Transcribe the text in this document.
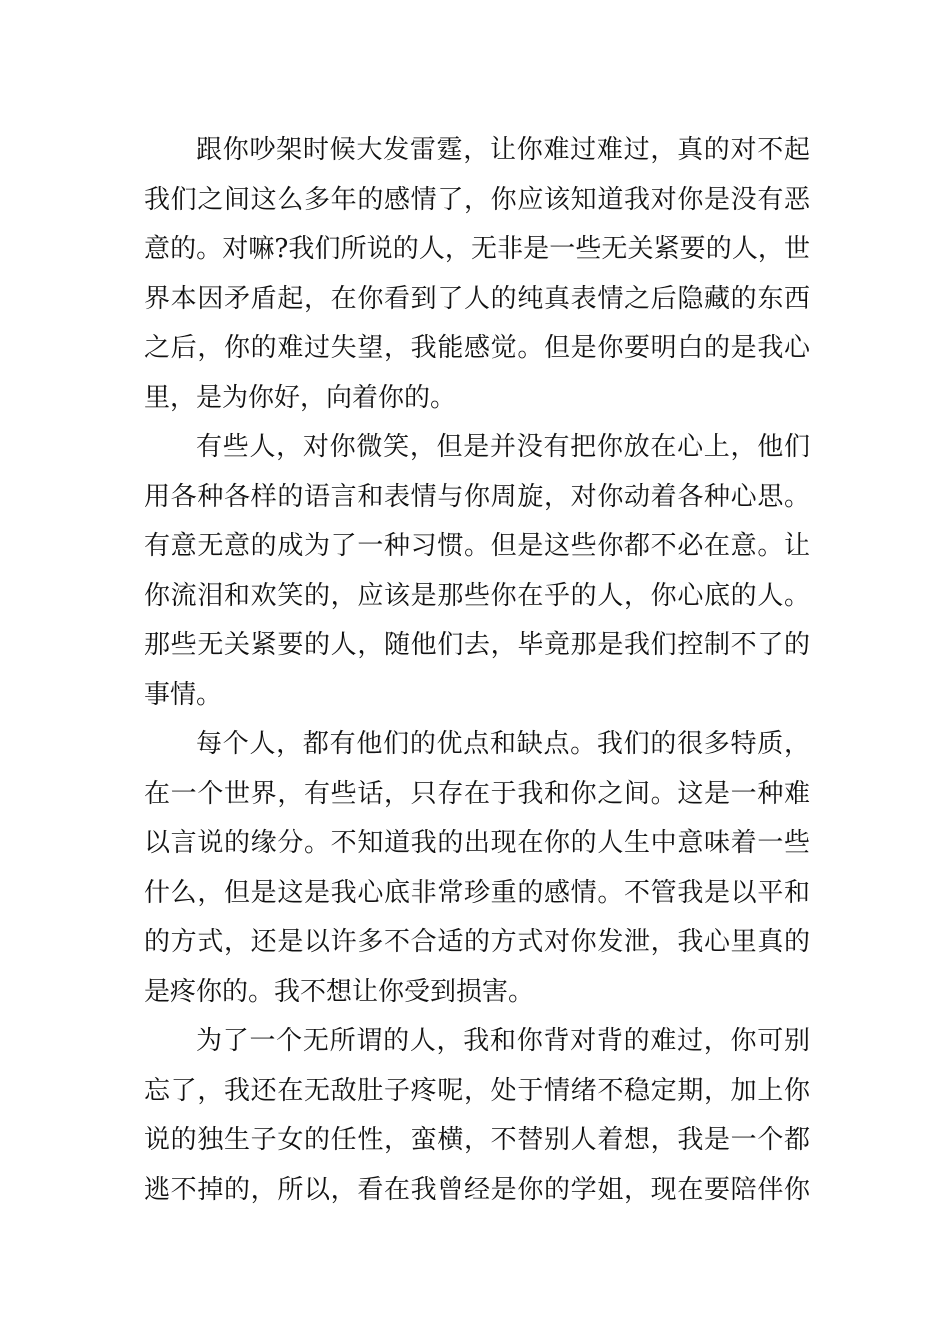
跟你吵架时候大发雷霆，让你难过难过，真的对不起
我们之间这么多年的感情了，你应该知道我对你是没有恶
意的。对嘛?我们所说的人，无非是一些无关紧要的人，世
界本因矛盾起，在你看到了人的纯真表情之后隐藏的东西
之后，你的难过失望，我能感觉。但是你要明白的是我心
里，是为你好，向着你的。
有些人，对你微笑，但是并没有把你放在心上，他们
用各种各样的语言和表情与你周旋，对你动着各种心思。
有意无意的成为了一种习惯。但是这些你都不必在意。让
你流泪和欢笑的，应该是那些你在乎的人，你心底的人。
那些无关紧要的人，随他们去，毕竟那是我们控制不了的
事情。
每个人，都有他们的优点和缺点。我们的很多特质，
在一个世界，有些话，只存在于我和你之间。这是一种难
以言说的缘分。不知道我的出现在你的人生中意味着一些
什么，但是这是我心底非常珍重的感情。不管我是以平和
的方式，还是以许多不合适的方式对你发泄，我心里真的
是疼你的。我不想让你受到损害。
为了一个无所谓的人，我和你背对背的难过，你可别
忘了，我还在无敌肚子疼呢，处于情绪不稳定期，加上你
说的独生子女的任性，蛮横，不替别人着想，我是一个都
逃不掉的，所以，看在我曾经是你的学姐，现在要陪伴你
